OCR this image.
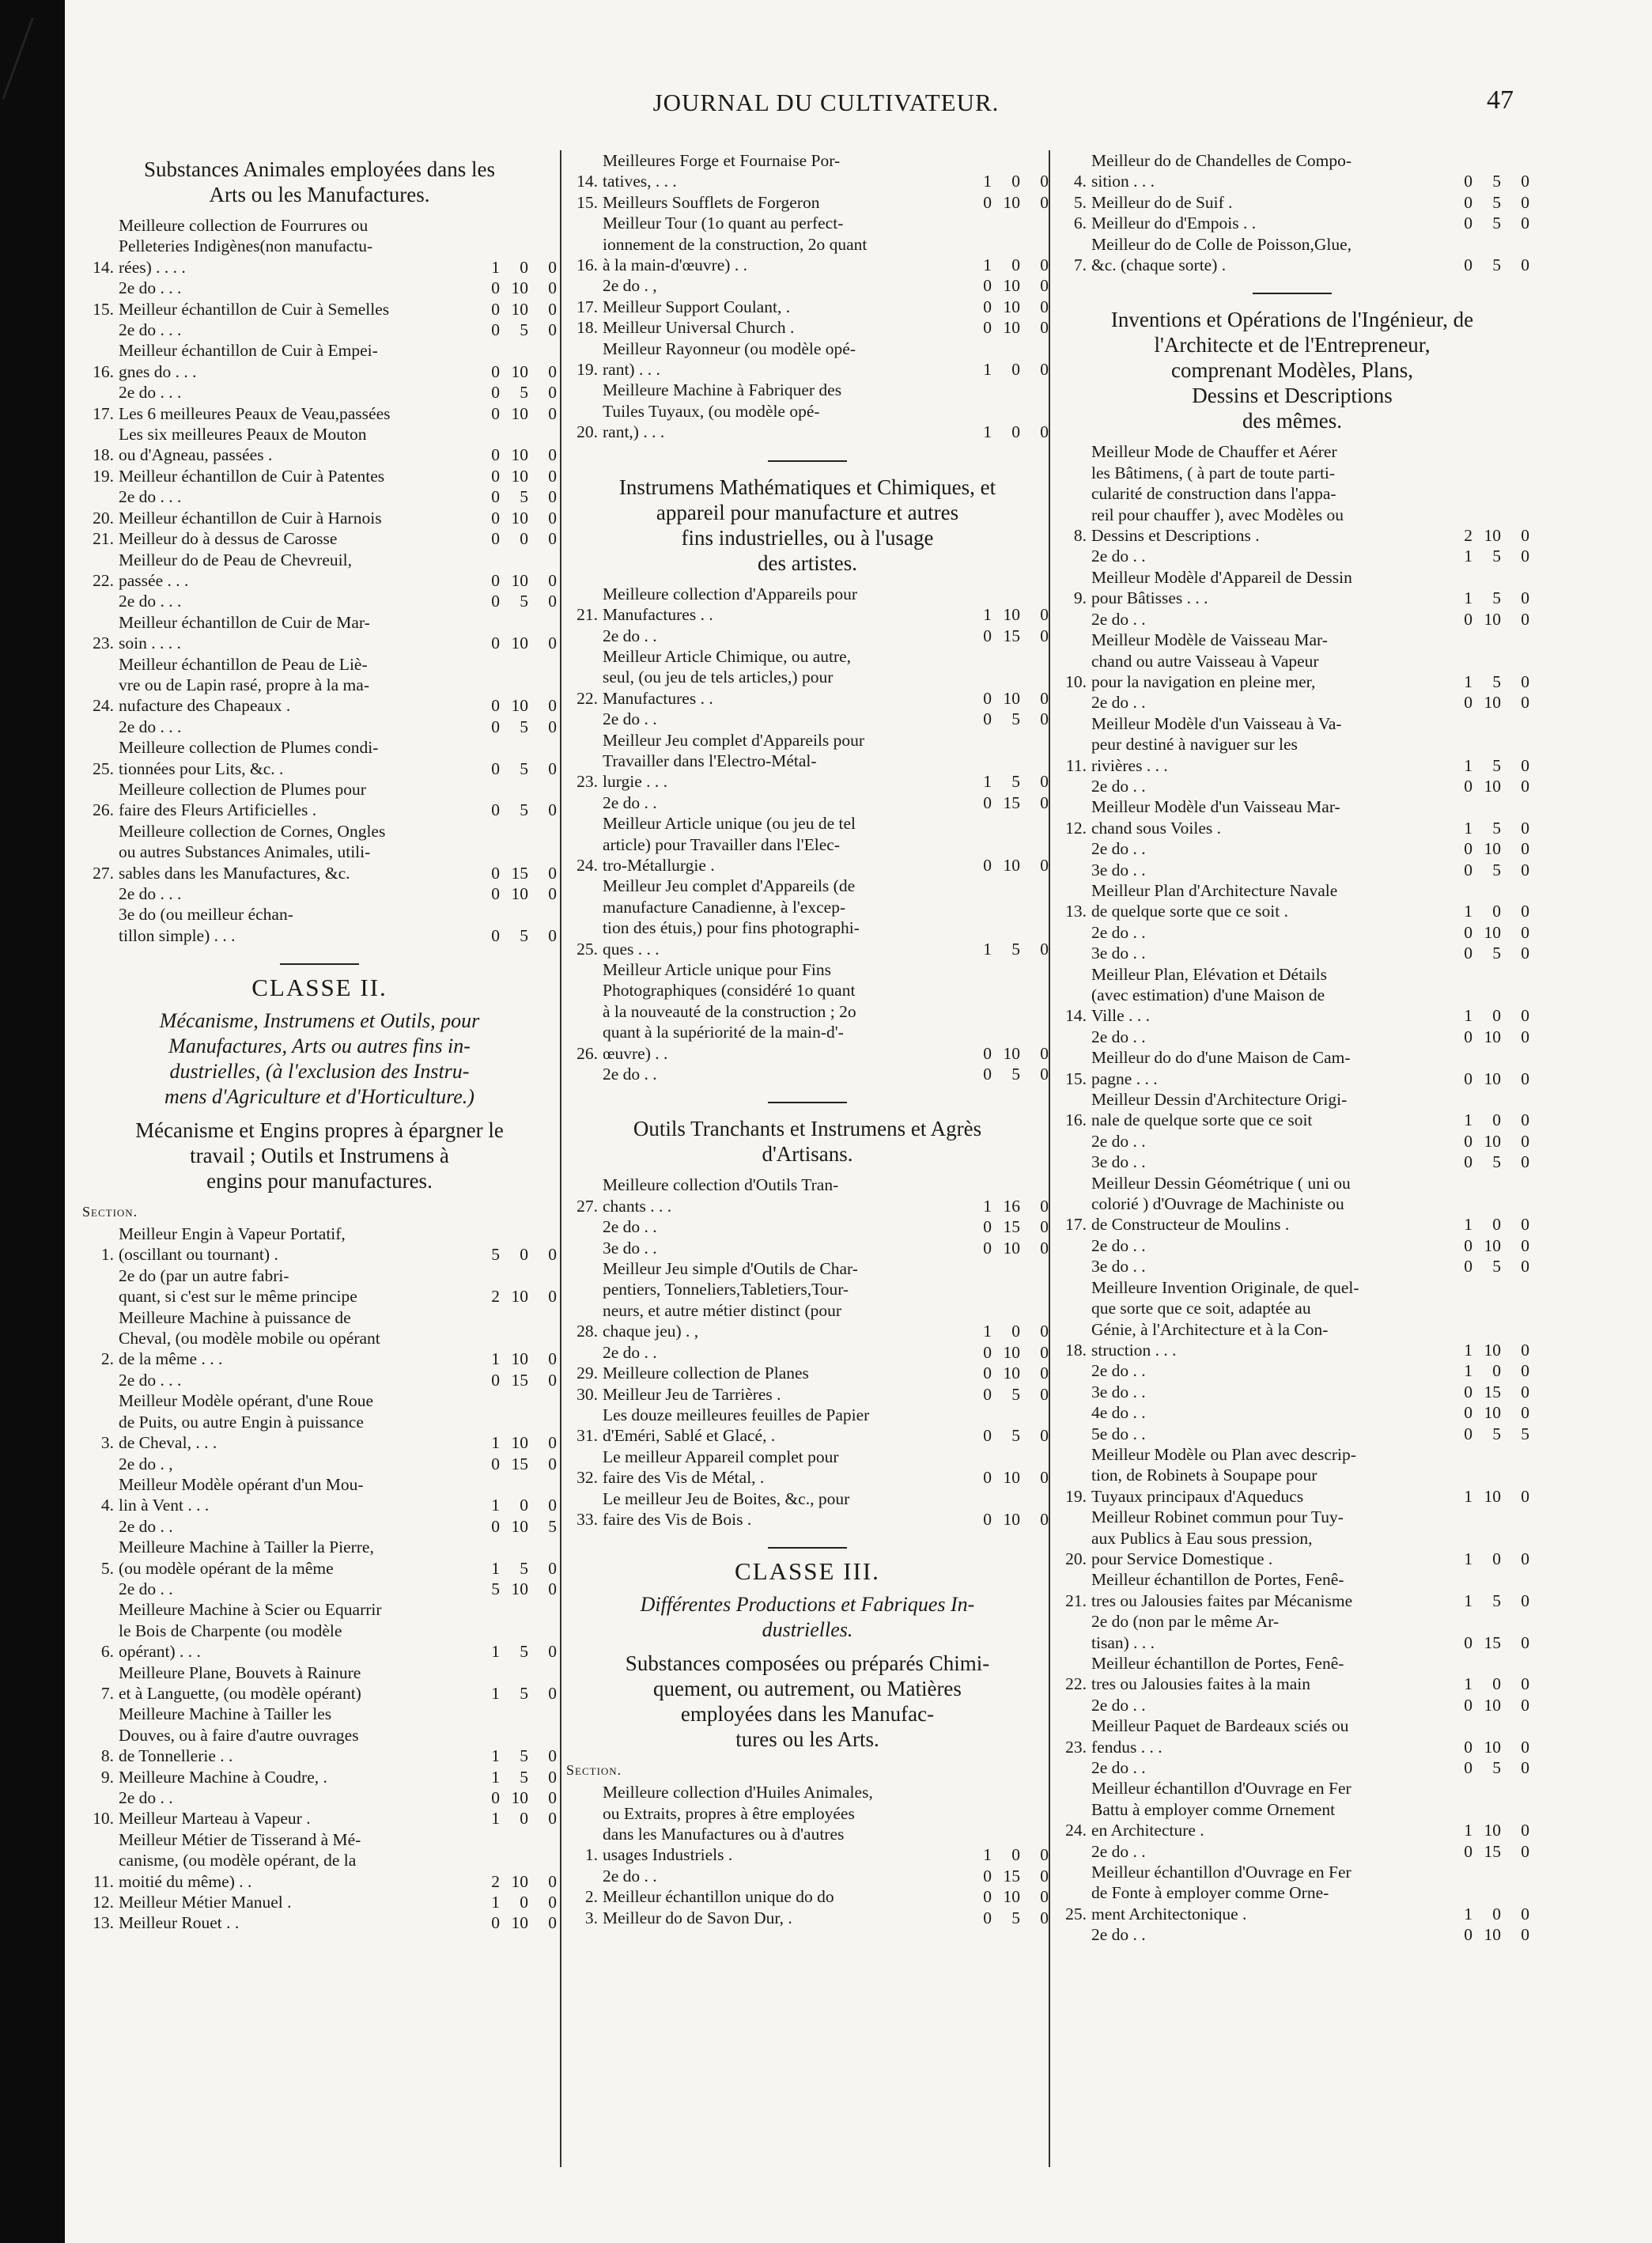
JOURNAL DU CULTIVATEUR.	47
Substances Animales employées dans les
Arts ou les Manufactures.
14.
Meilleure collection de Fourrures ou
Pelleteries Indigènes(non manufactu-
rées) . . . .	1	0	0
2e do . . .	0 10	0
15. Meilleur échantillon de Cuir à Semelles	0 10	0
2e do . . .	0	5	0
16.
Meilleur échantillon de Cuir à Empei-
gnes do . . .	0 10	0
2e do . . .	0	5	0
17. Les 6 meilleures Peaux de Veau,passées	0 10	0
18.
Les six meilleures Peaux de Mouton
ou d'Agneau, passées .	0 10	0
19. Meilleur échantillon de Cuir à Patentes	0 10	0
2e do . . .	0	5	0
20. Meilleur échantillon de Cuir à Harnois	0 10	0
21. Meilleur do à dessus de Carosse	0	0	0
22.
Meilleur do de Peau de Chevreuil,
passée . . .	0 10	0
2e do . . .	0	5	0
23.
Meilleur échantillon de Cuir de Mar-
soin . . . .	0 10	0
24.
Meilleur échantillon de Peau de Liè-
vre ou de Lapin rasé, propre à la ma-
nufacture des Chapeaux .	0 10	0
2e do . . .	0	5	0
25.
Meilleure collection de Plumes condi-
tionnées pour Lits, &c. .	0	5	0
26.
Meilleure collection de Plumes pour
faire des Fleurs Artificielles .	0	5	0
27.
Meilleure collection de Cornes, Ongles
ou autres Substances Animales, utili-
sables dans les Manufactures, &c.	0 15	0
2e do . . .	0 10	0
3e do (ou meilleur échan-
tillon simple) . . .	0	5	0
CLASSE II.
Mécanisme, Instrumens et Outils, pour
Manufactures, Arts ou autres fins in-
dustrielles, (à l'exclusion des Instru-
mens d'Agriculture et d'Horticulture.)
Mécanisme et Engins propres à épargner le
travail ; Outils et Instrumens à
engins pour manufactures.
Section.
1.
Meilleur Engin à Vapeur Portatif,
(oscillant ou tournant) .	5	0	0
2e do (par un autre fabri-
quant, si c'est sur le même principe	2 10	0
2.
Meilleure Machine à puissance de
Cheval, (ou modèle mobile ou opérant
de la même . . .	1 10	0
2e do . . .	0 15	0
3.
Meilleur Modèle opérant, d'une Roue
de Puits, ou autre Engin à puissance
de Cheval, . . .	1 10	0
2e do . ,	0 15	0
4.
Meilleur Modèle opérant d'un Mou-
lin à Vent . . .	1	0	0
2e do . .	0 10	5
5.
Meilleure Machine à Tailler la Pierre,
(ou modèle opérant de la même	1	5	0
2e do . .	5 10	0
6.
Meilleure Machine à Scier ou Equarrir
le Bois de Charpente (ou modèle
opérant) . . .	1	5	0
7.
Meilleure Plane, Bouvets à Rainure
et à Languette, (ou modèle opérant)	1	5	0
8.
Meilleure Machine à Tailler les
Douves, ou à faire d'autre ouvrages
de Tonnellerie . .	1	5	0
9. Meilleure Machine à Coudre, .	1	5	0
2e do . .	0 10	0
10. Meilleur Marteau à Vapeur .	1	0	0
11.
Meilleur Métier de Tisserand à Mé-
canisme, (ou modèle opérant, de la
moitié du même) . .	2 10	0
12. Meilleur Métier Manuel .	1	0	0
13. Meilleur Rouet . .	0 10	0
14.
Meilleures Forge et Fournaise Por-
tatives, . . .	1	0	0
15. Meilleurs Soufflets de Forgeron	0 10	0
16.
Meilleur Tour (1o quant au perfect-
ionnement de la construction, 2o quant
à la main-d'œuvre) . .	1	0	0
2e do . ,	0 10	0
17. Meilleur Support Coulant, .	0 10	0
18. Meilleur Universal Church .	0 10	0
19.
Meilleur Rayonneur (ou modèle opé-
rant) . . .	1	0	0
20.
Meilleure Machine à Fabriquer des
Tuiles Tuyaux, (ou modèle opé-
rant,) . . .	1	0	0
Instrumens Mathématiques et Chimiques, et
appareil pour manufacture et autres
fins industrielles, ou à l'usage
des artistes.
21.
Meilleure collection d'Appareils pour
Manufactures . .	1 10	0
2e do . .	0 15	0
22.
Meilleur Article Chimique, ou autre,
seul, (ou jeu de tels articles,) pour
Manufactures . .	0 10	0
2e do . .	0	5	0
23.
Meilleur Jeu complet d'Appareils pour
Travailler dans l'Electro-Métal-
lurgie . . .	1	5	0
2e do . .	0 15	0
24.
Meilleur Article unique (ou jeu de tel
article) pour Travailler dans l'Elec-
tro-Métallurgie .	0 10	0
25.
Meilleur Jeu complet d'Appareils (de
manufacture Canadienne, à l'excep-
tion des étuis,) pour fins photographi-
ques . . .	1	5	0
26.
Meilleur Article unique pour Fins
Photographiques (considéré 1o quant
à la nouveauté de la construction ; 2o
quant à la supériorité de la main-d'-
œuvre) . .	0 10	0
2e do . .	0	5	0
Outils Tranchants et Instrumens et Agrès
d'Artisans.
27.
Meilleure collection d'Outils Tran-
chants . . .	1 16	0
2e do . .	0 15	0
3e do . .	0 10	0
28.
Meilleur Jeu simple d'Outils de Char-
pentiers, Tonneliers,Tabletiers,Tour-
neurs, et autre métier distinct (pour
chaque jeu) . ,	1	0	0
2e do . .	0 10	0
29. Meilleure collection de Planes	0 10	0
30. Meilleur Jeu de Tarrières .	0	5	0
31.
Les douze meilleures feuilles de Papier
d'Eméri, Sablé et Glacé, .	0	5	0
32.
Le meilleur Appareil complet pour
faire des Vis de Métal, .	0 10	0
33.
Le meilleur Jeu de Boites, &c., pour
faire des Vis de Bois .	0 10	0
CLASSE III.
Différentes Productions et Fabriques In-
dustrielles.
Substances composées ou préparés Chimi-
quement, ou autrement, ou Matières
employées dans les Manufac-
tures ou les Arts.
Section.
1.
Meilleure collection d'Huiles Animales,
ou Extraits, propres à être employées
dans les Manufactures ou à d'autres
usages Industriels .	1	0	0
2e do . .	0 15	0
2. Meilleur échantillon unique do do	0 10	0
3. Meilleur do de Savon Dur, .	0	5	0
4.
Meilleur do de Chandelles de Compo-
sition . . .	0	5	0
5. Meilleur do de Suif .	0	5	0
6. Meilleur do d'Empois . .	0	5	0
7.
Meilleur do de Colle de Poisson,Glue,
&c. (chaque sorte) .	0	5	0
Inventions et Opérations de l'Ingénieur, de
l'Architecte et de l'Entrepreneur,
comprenant Modèles, Plans,
Dessins et Descriptions
des mêmes.
8.
Meilleur Mode de Chauffer et Aérer
les Bâtimens, ( à part de toute parti-
cularité de construction dans l'appa-
reil pour chauffer ), avec Modèles ou
Dessins et Descriptions .	2 10	0
2e do . .	1	5	0
9.
Meilleur Modèle d'Appareil de Dessin
pour Bâtisses . . .	1	5	0
2e do . .	0 10	0
10.
Meilleur Modèle de Vaisseau Mar-
chand ou autre Vaisseau à Vapeur
pour la navigation en pleine mer,	1	5	0
2e do . .	0 10	0
11.
Meilleur Modèle d'un Vaisseau à Va-
peur destiné à naviguer sur les
rivières . . .	1	5	0
2e do . .	0 10	0
12.
Meilleur Modèle d'un Vaisseau Mar-
chand sous Voiles .	1	5	0
2e do . .	0 10	0
3e do . .	0	5	0
13.
Meilleur Plan d'Architecture Navale
de quelque sorte que ce soit .	1	0	0
2e do . .	0 10	0
3e do . .	0	5	0
14.
Meilleur Plan, Elévation et Détails
(avec estimation) d'une Maison de
Ville . . .	1	0	0
2e do . .	0 10	0
15.
Meilleur do do d'une Maison de Cam-
pagne . . .	0 10	0
16.
Meilleur Dessin d'Architecture Origi-
nale de quelque sorte que ce soit	1	0	0
2e do . .	0 10	0
3e do . .	0	5	0
17.
Meilleur Dessin Géométrique ( uni ou
colorié ) d'Ouvrage de Machiniste ou
de Constructeur de Moulins .	1	0	0
2e do . .	0 10	0
3e do . .	0	5	0
18.
Meilleure Invention Originale, de quel-
que sorte que ce soit, adaptée au
Génie, à l'Architecture et à la Con-
struction . . .	1 10	0
2e do . .	1	0	0
3e do . .	0 15	0
4e do . .	0 10	0
5e do . .	0	5	5
19.
Meilleur Modèle ou Plan avec descrip-
tion, de Robinets à Soupape pour
Tuyaux principaux d'Aqueducs	1 10	0
20.
Meilleur Robinet commun pour Tuy-
aux Publics à Eau sous pression,
pour Service Domestique .	1	0	0
21.
Meilleur échantillon de Portes, Fenê-
tres ou Jalousies faites par Mécanisme	1	5	0
2e do (non par le même Ar-
tisan) . . .	0 15	0
22.
Meilleur échantillon de Portes, Fenê-
tres ou Jalousies faites à la main	1	0	0
2e do . .	0 10	0
23.
Meilleur Paquet de Bardeaux sciés ou
fendus . . .	0 10	0
2e do . .	0	5	0
24.
Meilleur échantillon d'Ouvrage en Fer
Battu à employer comme Ornement
en Architecture .	1 10	0
2e do . .	0 15	0
25.
Meilleur échantillon d'Ouvrage en Fer
de Fonte à employer comme Orne-
ment Architectonique .	1	0	0
2e do . .	0 10	0
